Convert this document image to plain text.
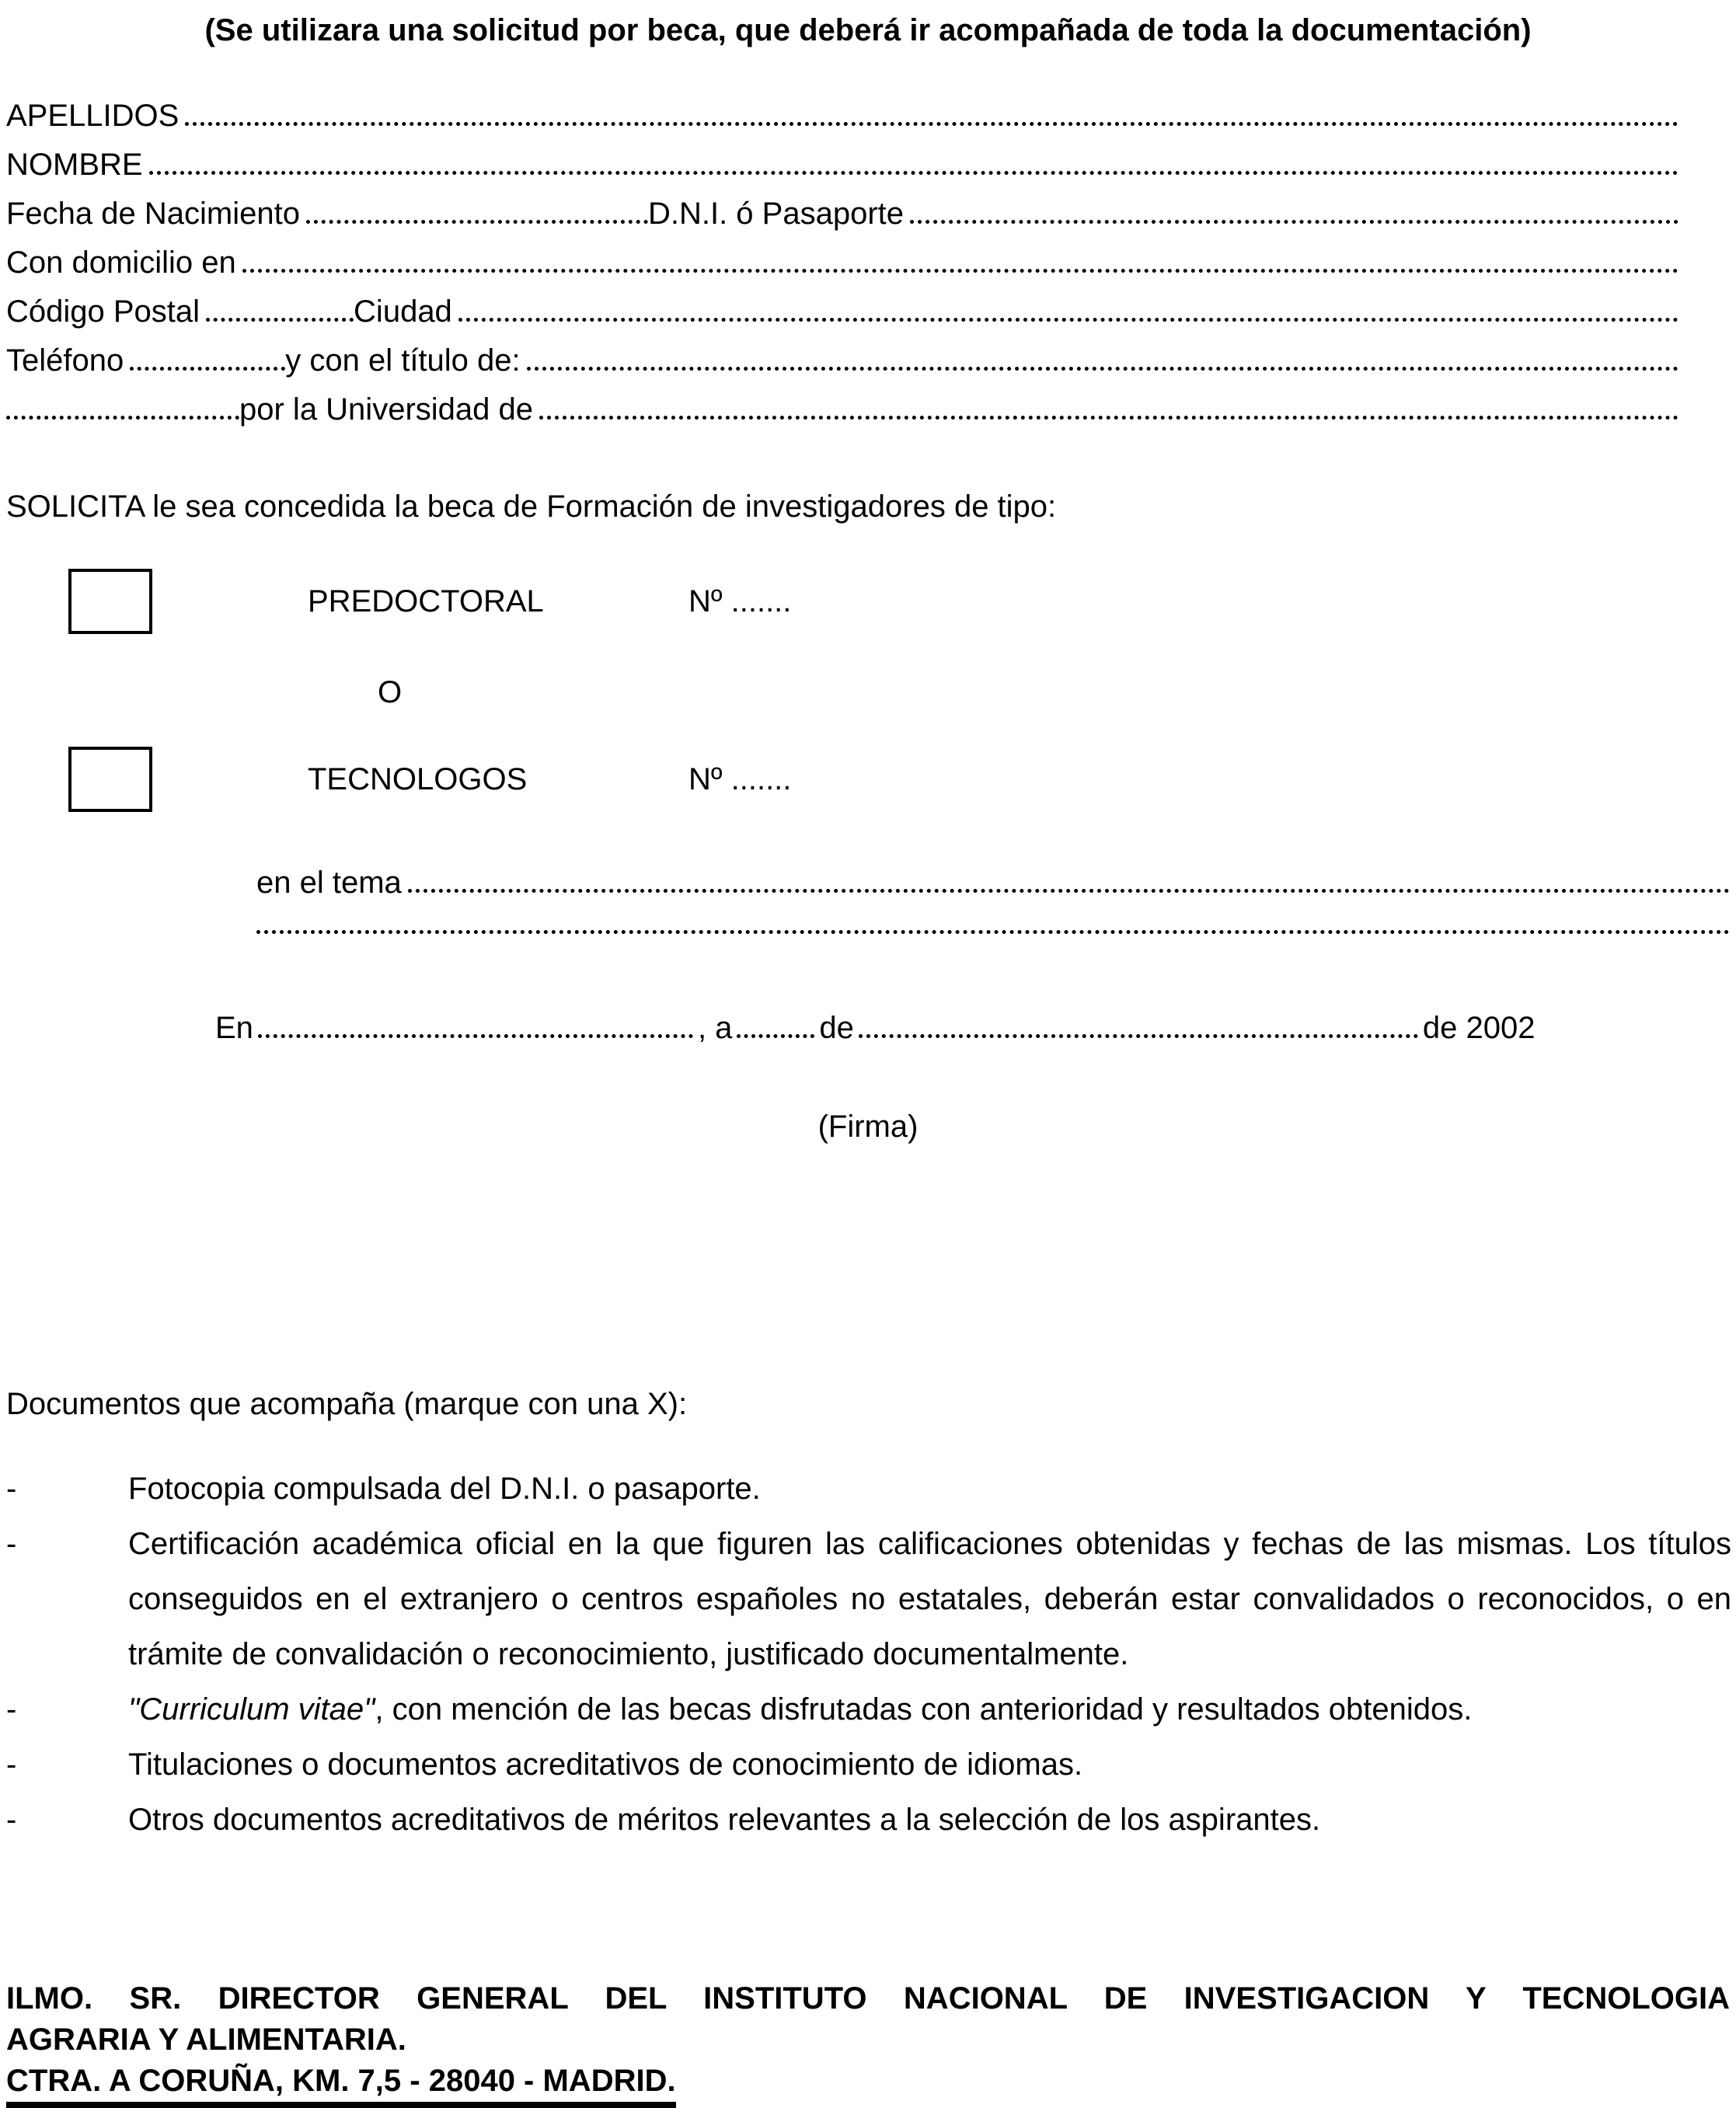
(Se utilizara una solicitud por beca, que deberá ir acompañada de toda la documentación)

APELLIDOS
NOMBRE
Fecha de Nacimiento	D.N.I. ó Pasaporte
Con domicilio en
Código Postal	Ciudad
Teléfono	y con el título de:
por la Universidad de

SOLICITA le sea concedida la beca de Formación de investigadores de tipo:

PREDOCTORAL	Nº .......

O

TECNOLOGOS	Nº .......
en el tema
En	, a	de	de 2002

(Firma)

Documentos que acompaña (marque con una X):

-	Fotocopia compulsada del D.N.I. o pasaporte.
-	Certificación académica oficial en la que figuren las calificaciones obtenidas y fechas de las mismas. Los títulos conseguidos en el extranjero o centros españoles no estatales, deberán estar convalidados o reconocidos, o en trámite de convalidación o reconocimiento, justificado documentalmente.
-	"Curriculum vitae", con mención de las becas disfrutadas con anterioridad y resultados obtenidos.
-	Titulaciones o documentos acreditativos de conocimiento de idiomas.
-	Otros documentos acreditativos de méritos relevantes a la selección de los aspirantes.
ILMO. SR. DIRECTOR GENERAL DEL INSTITUTO NACIONAL DE INVESTIGACION Y TECNOLOGIA
AGRARIA Y ALIMENTARIA.
CTRA. A CORUÑA, KM. 7,5 - 28040 - MADRID.
